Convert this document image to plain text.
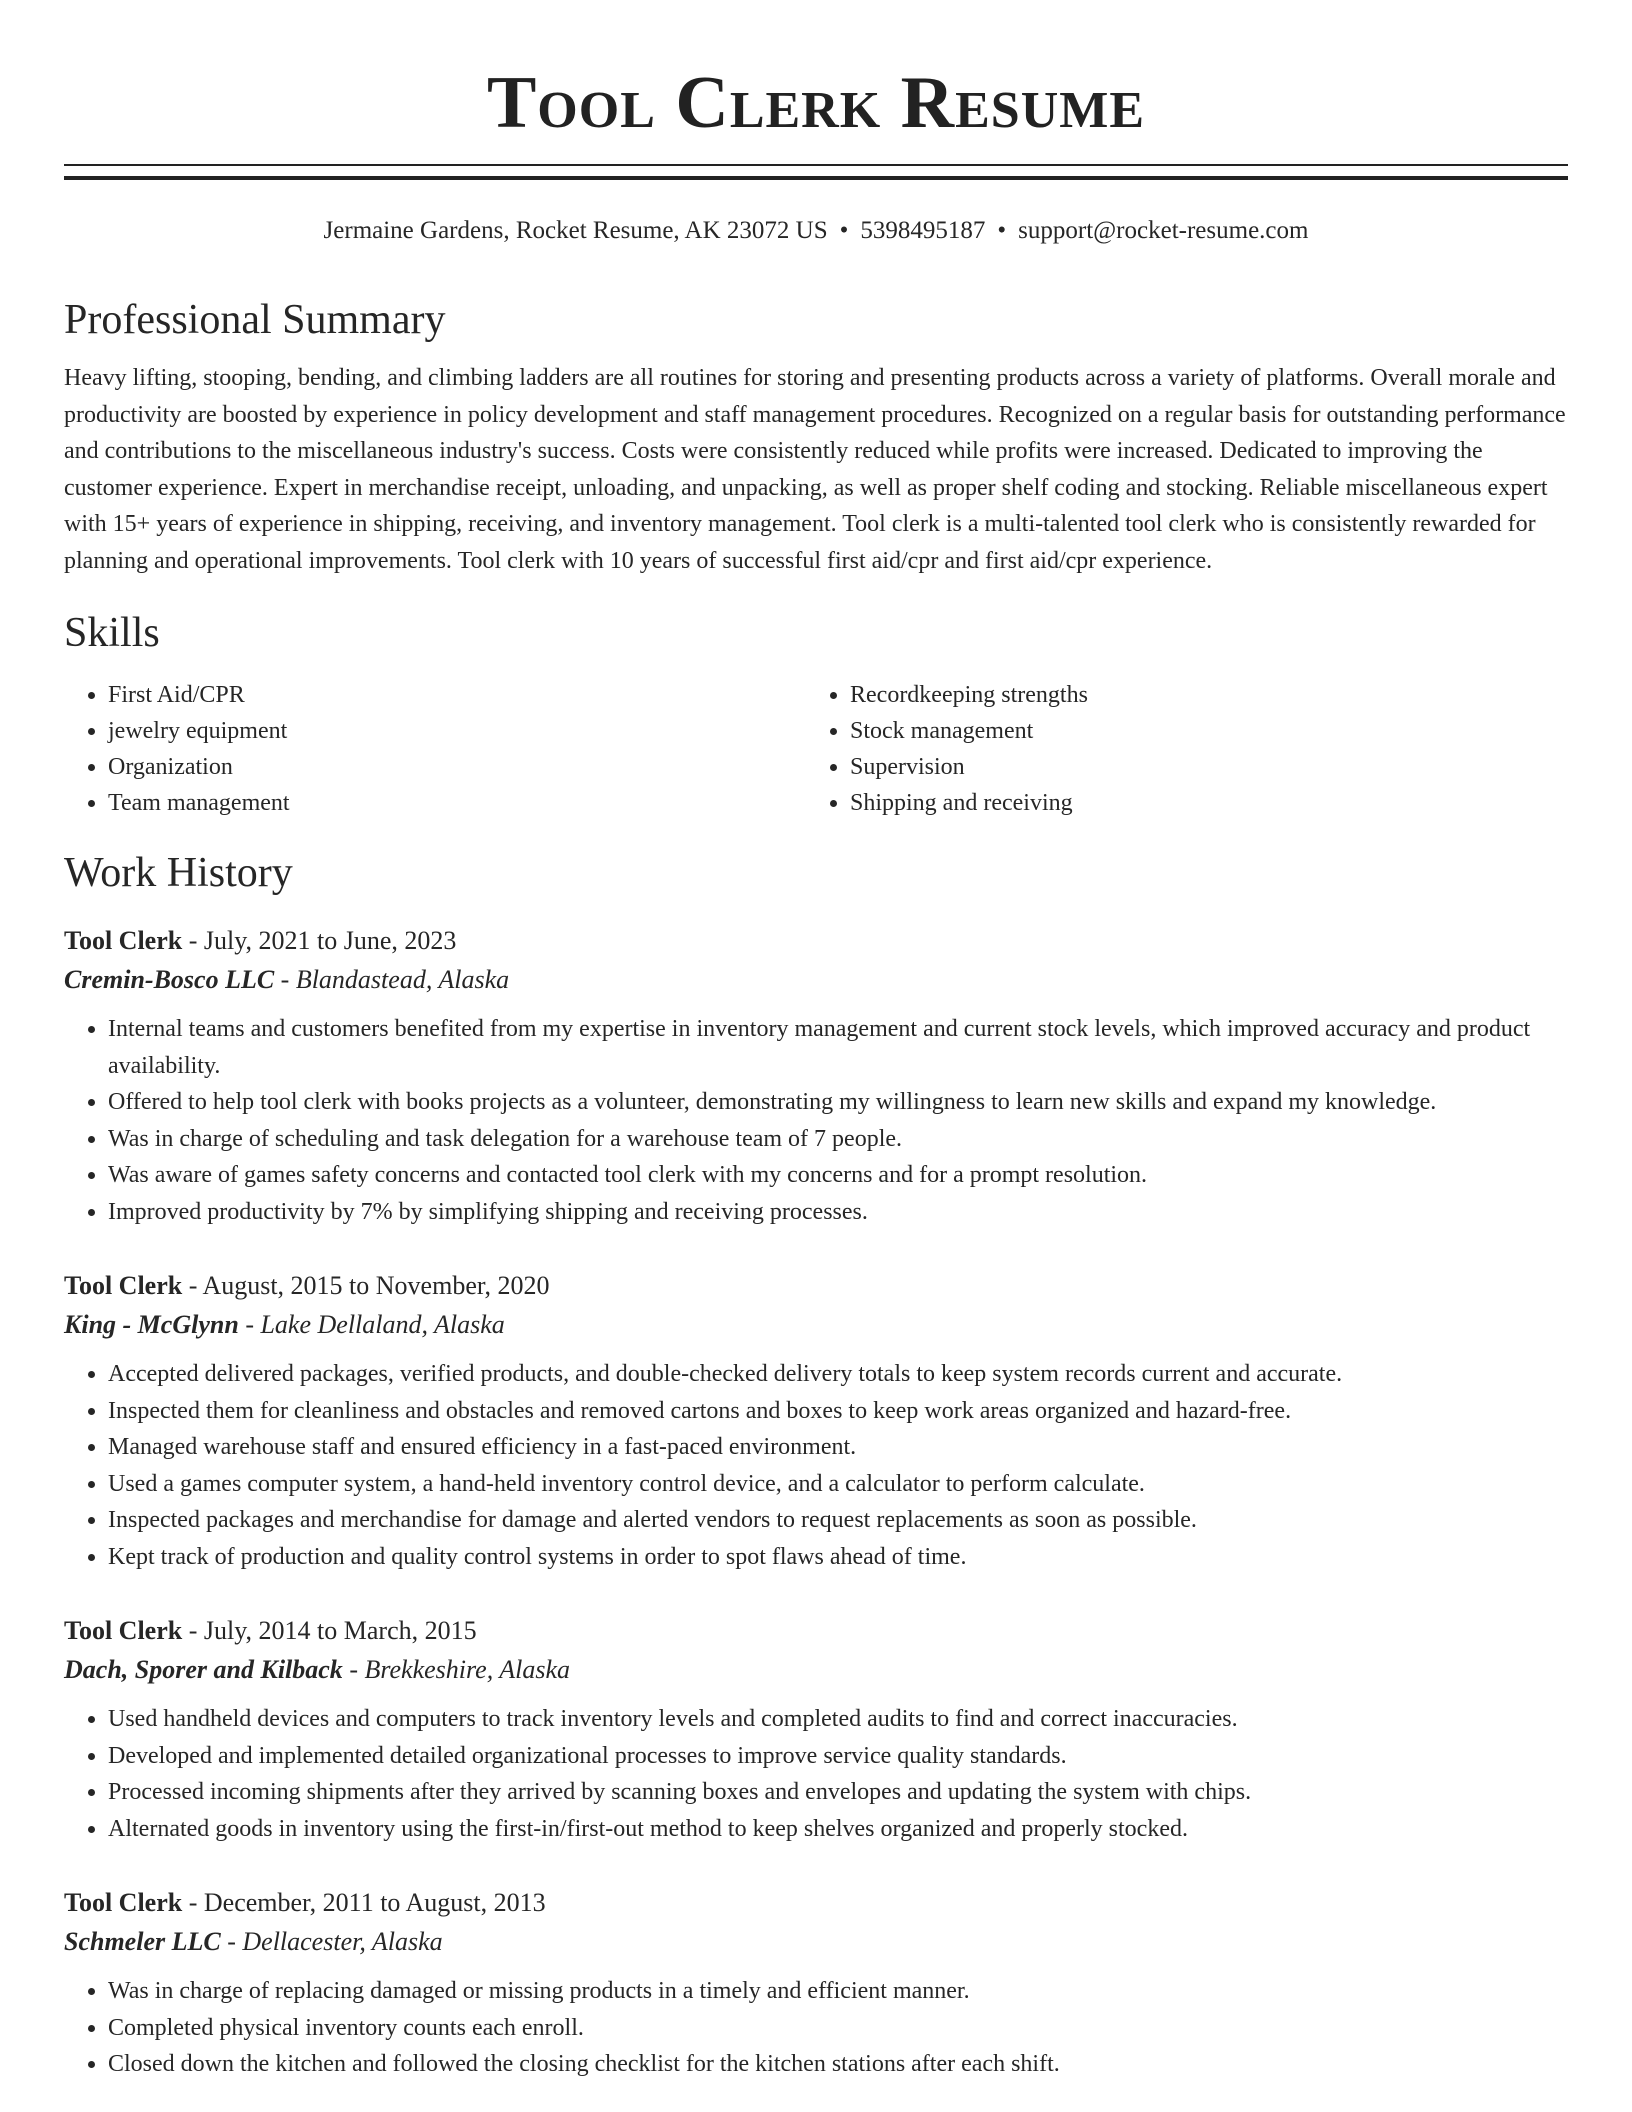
Tool Clerk Resume
Jermaine Gardens, Rocket Resume, AK 23072 US • 5398495187 • support@rocket-resume.com
Professional Summary

Heavy lifting, stooping, bending, and climbing ladders are all routines for storing and presenting products across a variety of platforms. Overall morale and productivity are boosted by experience in policy development and staff management procedures. Recognized on a regular basis for outstanding performance and contributions to the miscellaneous industry's success. Costs were consistently reduced while profits were increased. Dedicated to improving the customer experience. Expert in merchandise receipt, unloading, and unpacking, as well as proper shelf coding and stocking. Reliable miscellaneous expert with 15+ years of experience in shipping, receiving, and inventory management. Tool clerk is a multi-talented tool clerk who is consistently rewarded for planning and operational improvements. Tool clerk with 10 years of successful first aid/cpr and first aid/cpr experience.

Skills
• First Aid/CPR
• jewelry equipment
• Organization
• Team management
• Recordkeeping strengths
• Stock management
• Supervision
• Shipping and receiving
Work History
Tool Clerk - July, 2021 to June, 2023
Cremin-Bosco LLC - Blandastead, Alaska
• Internal teams and customers benefited from my expertise in inventory management and current stock levels, which improved accuracy and product availability.
• Offered to help tool clerk with books projects as a volunteer, demonstrating my willingness to learn new skills and expand my knowledge.
• Was in charge of scheduling and task delegation for a warehouse team of 7 people.
• Was aware of games safety concerns and contacted tool clerk with my concerns and for a prompt resolution.
• Improved productivity by 7% by simplifying shipping and receiving processes.
Tool Clerk - August, 2015 to November, 2020
King - McGlynn - Lake Dellaland, Alaska
• Accepted delivered packages, verified products, and double-checked delivery totals to keep system records current and accurate.
• Inspected them for cleanliness and obstacles and removed cartons and boxes to keep work areas organized and hazard-free.
• Managed warehouse staff and ensured efficiency in a fast-paced environment.
• Used a games computer system, a hand-held inventory control device, and a calculator to perform calculate.
• Inspected packages and merchandise for damage and alerted vendors to request replacements as soon as possible.
• Kept track of production and quality control systems in order to spot flaws ahead of time.
Tool Clerk - July, 2014 to March, 2015
Dach, Sporer and Kilback - Brekkeshire, Alaska
• Used handheld devices and computers to track inventory levels and completed audits to find and correct inaccuracies.
• Developed and implemented detailed organizational processes to improve service quality standards.
• Processed incoming shipments after they arrived by scanning boxes and envelopes and updating the system with chips.
• Alternated goods in inventory using the first-in/first-out method to keep shelves organized and properly stocked.
Tool Clerk - December, 2011 to August, 2013
Schmeler LLC - Dellacester, Alaska
• Was in charge of replacing damaged or missing products in a timely and efficient manner.
• Completed physical inventory counts each enroll.
• Closed down the kitchen and followed the closing checklist for the kitchen stations after each shift.
